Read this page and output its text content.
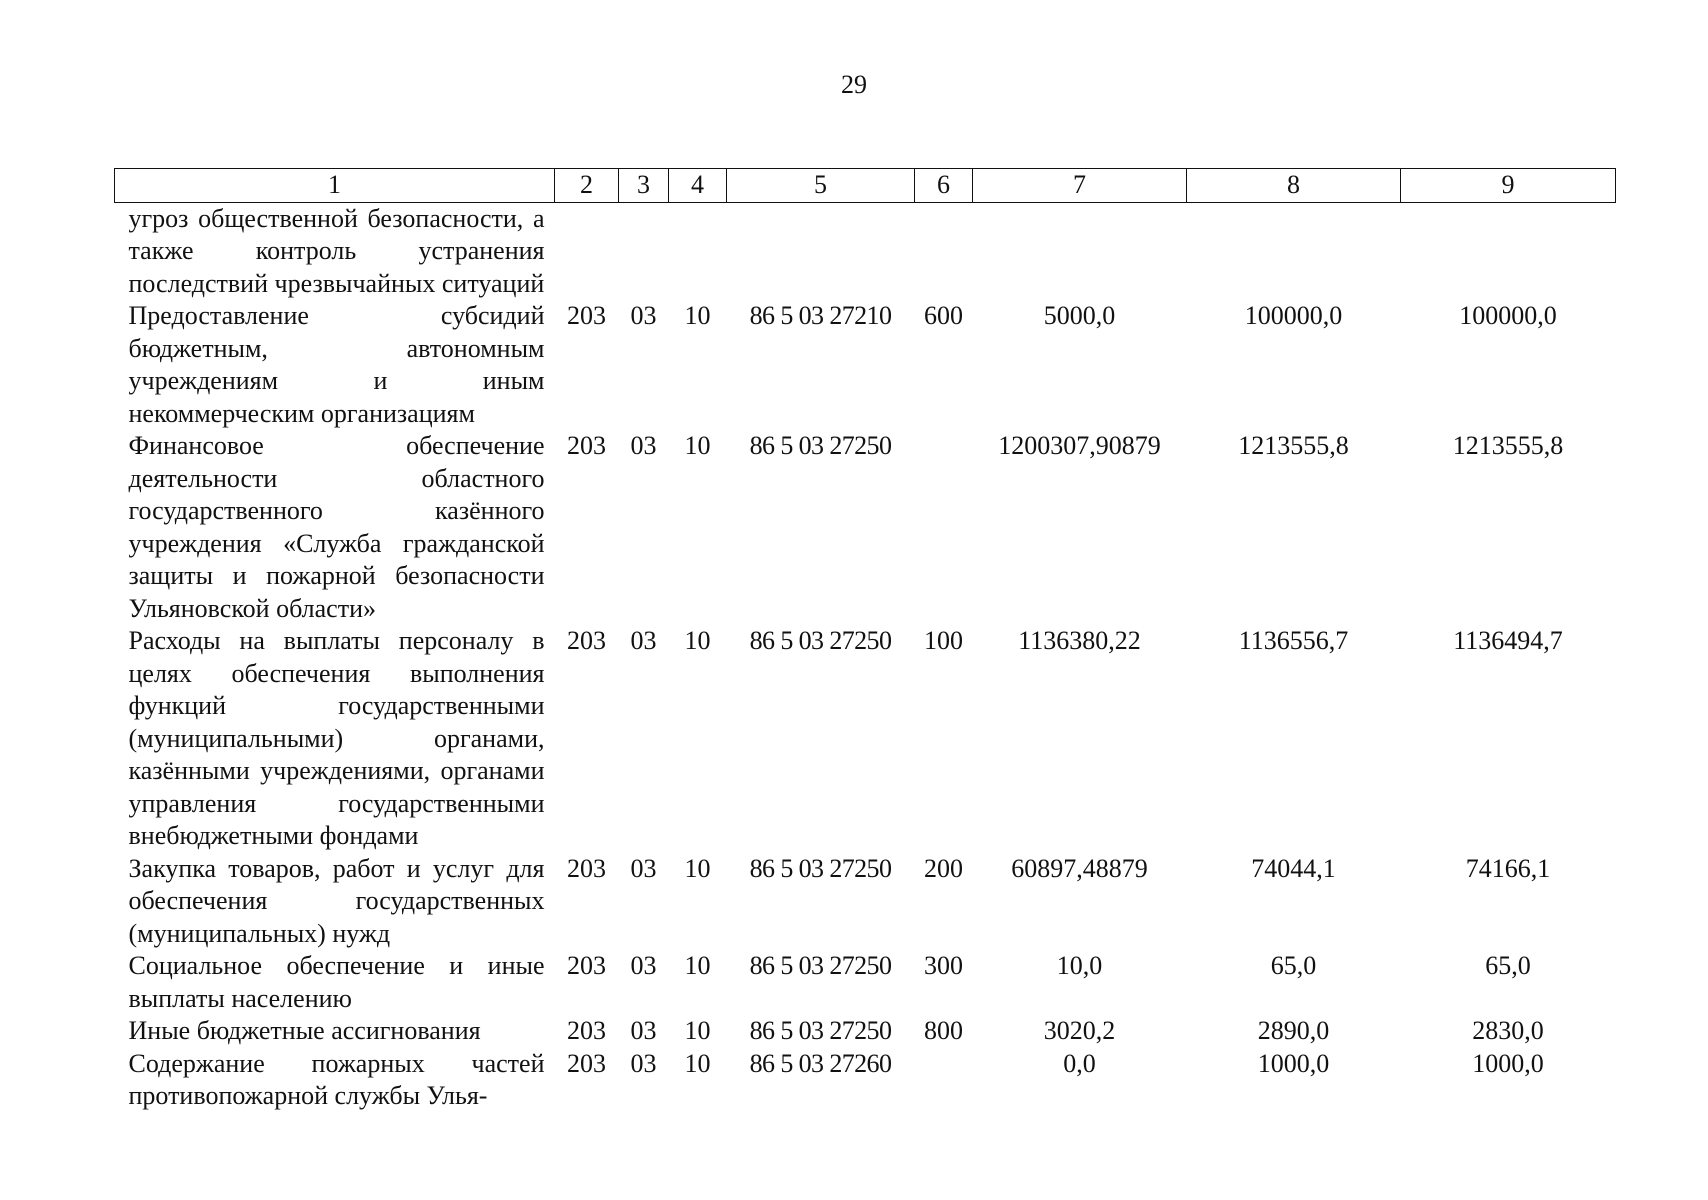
29
1	2	3	4	5	6	7	8	9
угроз общественной безопасности, а также контроль устранения последствий чрезвычайных ситуаций								
Предоставление субсидий бюджетным, автономным учреждениям и иным некоммерческим организациям	203	03	10	86 5 03 27210	600	5000,0	100000,0	100000,0
Финансовое обеспечение деятельности областного государственного казённого учреждения «Служба гражданской защиты и пожарной безопасности Ульяновской области»	203	03	10	86 5 03 27250		1200307,90879	1213555,8	1213555,8
Расходы на выплаты персоналу в целях обеспечения выполнения функций государственными (муниципальными) органами, казёнными учреждениями, органами управления государственными внебюджетными фондами	203	03	10	86 5 03 27250	100	1136380,22	1136556,7	1136494,7
Закупка товаров, работ и услуг для обеспечения государственных (муниципальных) нужд	203	03	10	86 5 03 27250	200	60897,48879	74044,1	74166,1
Социальное обеспечение и иные выплаты населению	203	03	10	86 5 03 27250	300	10,0	65,0	65,0
Иные бюджетные ассигнования	203	03	10	86 5 03 27250	800	3020,2	2890,0	2830,0
Содержание пожарных частей противопожарной службы Улья-	203	03	10	86 5 03 27260		0,0	1000,0	1000,0
